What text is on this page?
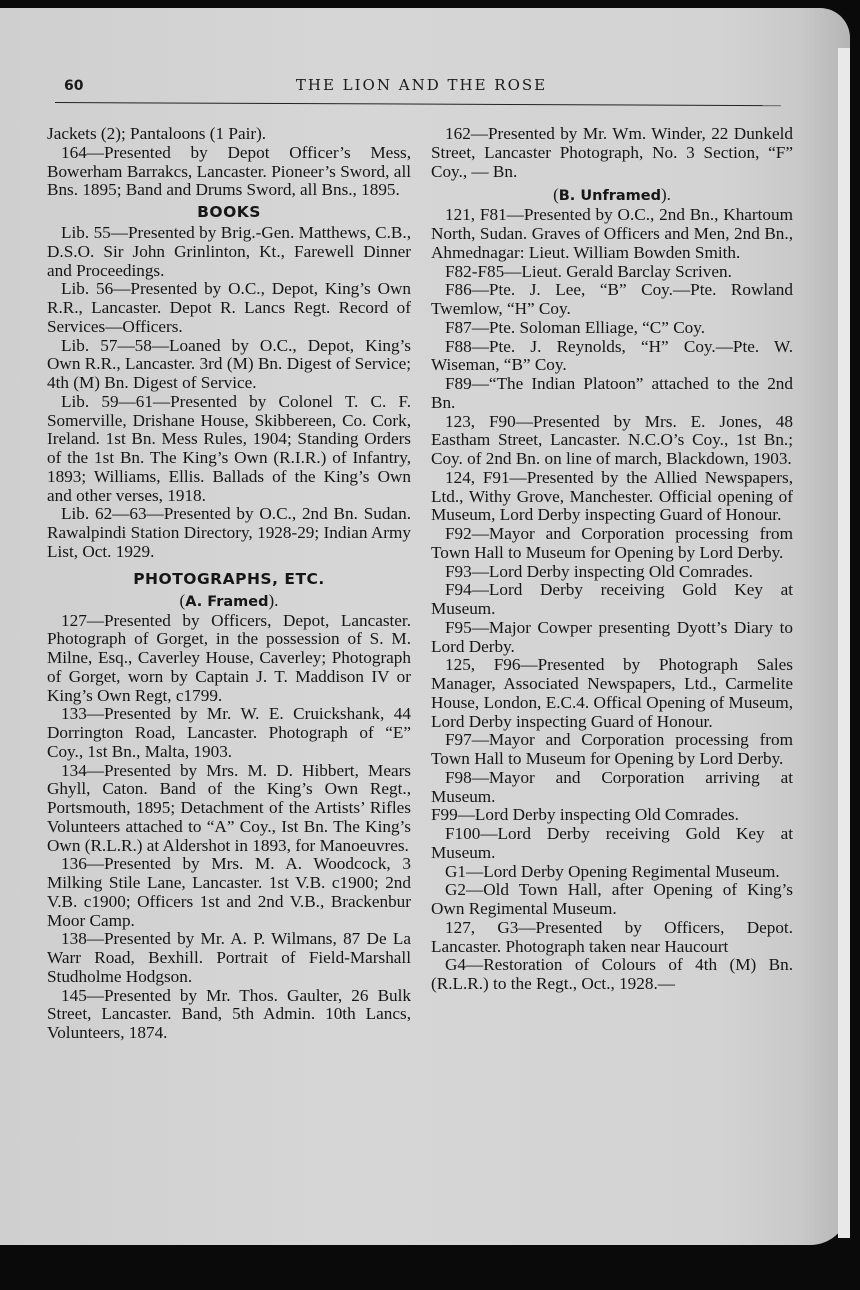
60	THE LION AND THE ROSE

Jackets (2); Pantaloons (1 Pair).

164—Presented by Depot Officer’s Mess, Bowerham Barrakcs, Lancaster. Pioneer’s Sword, all Bns. 1895; Band and Drums Sword, all Bns., 1895.

BOOKS

Lib. 55—Presented by Brig.-Gen. Matthews, C.B., D.S.O. Sir John Grinlinton, Kt., Farewell Dinner and Proceedings.

Lib. 56—Presented by O.C., Depot, King’s Own R.R., Lancaster. Depot R. Lancs Regt. Record of Services—Officers.

Lib. 57—58—Loaned by O.C., Depot, King’s Own R.R., Lancaster. 3rd (M) Bn. Digest of Service; 4th (M) Bn. Digest of Service.

Lib. 59—61—Presented by Colonel T. C. F. Somerville, Drishane House, Skibbereen, Co. Cork, Ireland. 1st Bn. Mess Rules, 1904; Standing Orders of the 1st Bn. The King’s Own (R.I.R.) of Infantry, 1893; Williams, Ellis. Ballads of the King’s Own and other verses, 1918.

Lib. 62—63—Presented by O.C., 2nd Bn. Sudan. Rawalpindi Station Directory, 1928-29; Indian Army List, Oct. 1929.

PHOTOGRAPHS, ETC.
(A. Framed).

127—Presented by Officers, Depot, Lancaster. Photograph of Gorget, in the possession of S. M. Milne, Esq., Caverley House, Caverley; Photograph of Gorget, worn by Captain J. T. Maddison IV or King’s Own Regt, c1799.

133—Presented by Mr. W. E. Cruickshank, 44 Dorrington Road, Lancaster. Photograph of “E” Coy., 1st Bn., Malta, 1903.

134—Presented by Mrs. M. D. Hibbert, Mears Ghyll, Caton. Band of the King’s Own Regt., Portsmouth, 1895; Detachment of the Artists’ Rifles Volunteers attached to “A” Coy., Ist Bn. The King’s Own (R.L.R.) at Aldershot in 1893, for Manoeuvres.

136—Presented by Mrs. M. A. Woodcock, 3 Milking Stile Lane, Lancaster. 1st V.B. c1900; 2nd V.B. c1900; Officers 1st and 2nd V.B., Brackenbur Moor Camp.

138—Presented by Mr. A. P. Wilmans, 87 De La Warr Road, Bexhill. Portrait of Field-Marshall Studholme Hodgson.

145—Presented by Mr. Thos. Gaulter, 26 Bulk Street, Lancaster. Band, 5th Admin. 10th Lancs, Volunteers, 1874.

162—Presented by Mr. Wm. Winder, 22 Dunkeld Street, Lancaster Photograph, No. 3 Section, “F” Coy., — Bn.

(B. Unframed).

121, F81—Presented by O.C., 2nd Bn., Khartoum North, Sudan. Graves of Officers and Men, 2nd Bn., Ahmednagar: Lieut. William Bowden Smith.

F82-F85—Lieut. Gerald Barclay Scriven.

F86—Pte. J. Lee, “B” Coy.—Pte. Rowland Twemlow, “H” Coy.

F87—Pte. Soloman Elliage, “C” Coy.

F88—Pte. J. Reynolds, “H” Coy.—Pte. W. Wiseman, “B” Coy.

F89—“The Indian Platoon” attached to the 2nd Bn.

123, F90—Presented by Mrs. E. Jones, 48 Eastham Street, Lancaster. N.C.O’s Coy., 1st Bn.; Coy. of 2nd Bn. on line of march, Blackdown, 1903.

124, F91—Presented by the Allied Newspapers, Ltd., Withy Grove, Manchester. Official opening of Museum, Lord Derby inspecting Guard of Honour.

F92—Mayor and Corporation processing from Town Hall to Museum for Opening by Lord Derby.

F93—Lord Derby inspecting Old Comrades.

F94—Lord Derby receiving Gold Key at Museum.

F95—Major Cowper presenting Dyott’s Diary to Lord Derby.

125, F96—Presented by Photograph Sales Manager, Associated Newspapers, Ltd., Carmelite House, London, E.C.4. Offical Opening of Museum, Lord Derby inspecting Guard of Honour.

F97—Mayor and Corporation processing from Town Hall to Museum for Opening by Lord Derby.

F98—Mayor and Corporation arriving at Museum.

F99—Lord Derby inspecting Old Comrades.

F100—Lord Derby receiving Gold Key at Museum.

G1—Lord Derby Opening Regimental Museum.

G2—Old Town Hall, after Opening of King’s Own Regimental Museum.

127, G3—Presented by Officers, Depot. Lancaster. Photograph taken near Haucourt

G4—Restoration of Colours of 4th (M) Bn. (R.L.R.) to the Regt., Oct., 1928.—
